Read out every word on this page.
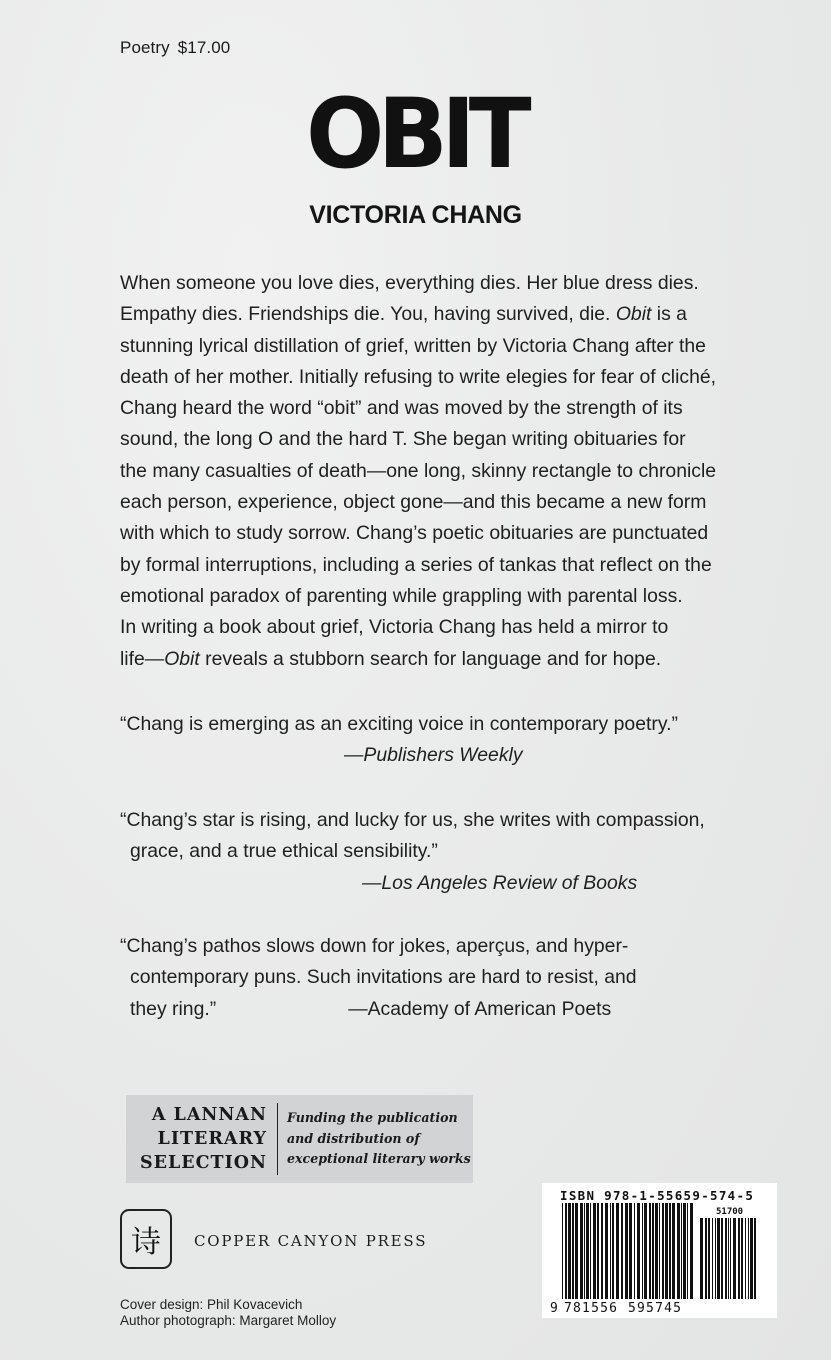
Poetry $17.00
OBIT
VICTORIA CHANG

When someone you love dies, everything dies. Her blue dress dies.

Empathy dies. Friendships die. You, having survived, die. Obit is a

stunning lyrical distillation of grief, written by Victoria Chang after the

death of her mother. Initially refusing to write elegies for fear of cliché,

Chang heard the word “obit” and was moved by the strength of its

sound, the long O and the hard T. She began writing obituaries for

the many casualties of death—one long, skinny rectangle to chronicle

each person, experience, object gone—and this became a new form

with which to study sorrow. Chang’s poetic obituaries are punctuated

by formal interruptions, including a series of tankas that reflect on the

emotional paradox of parenting while grappling with parental loss.

In writing a book about grief, Victoria Chang has held a mirror to

life—Obit reveals a stubborn search for language and for hope.

“Chang is emerging as an exciting voice in contemporary poetry.”

—Publishers Weekly

“Chang’s star is rising, and lucky for us, she writes with compassion,

grace, and a true ethical sensibility.”

—Los Angeles Review of Books

“Chang’s pathos slows down for jokes, aperçus, and hyper-

contemporary puns. Such invitations are hard to resist, and

they ring.”	—Academy of American Poets

A LANNAN
LITERARY
SELECTION
Funding the publication
and distribution of
exceptional literary works
诗	COPPER CANYON PRESS
Cover design: Phil Kovacevich
Author photograph: Margaret Molloy
ISBN 978-1-55659-574-5
9 781556 595745
51700
